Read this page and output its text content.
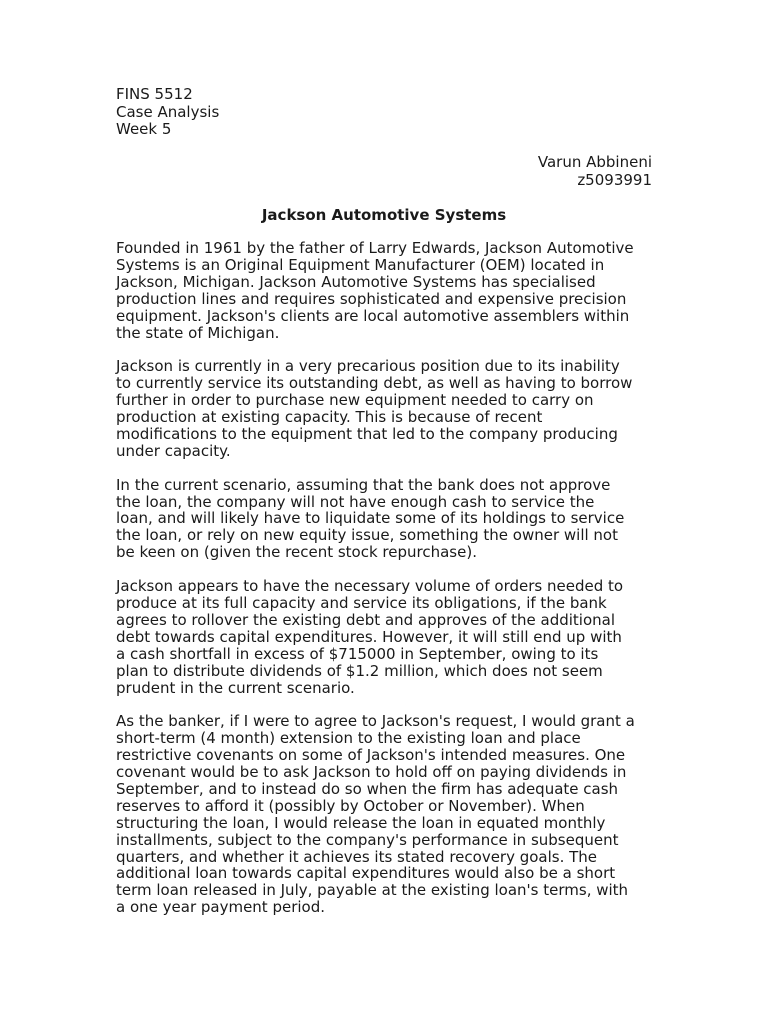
FINS 5512
Case Analysis
Week 5
Varun Abbineni
z5093991
Jackson Automotive Systems

Founded in 1961 by the father of Larry Edwards, Jackson Automotive
Systems is an Original Equipment Manufacturer (OEM) located in
Jackson, Michigan. Jackson Automotive Systems has specialised
production lines and requires sophisticated and expensive precision
equipment. Jackson's clients are local automotive assemblers within
the state of Michigan.

Jackson is currently in a very precarious position due to its inability
to currently service its outstanding debt, as well as having to borrow
further in order to purchase new equipment needed to carry on
production at existing capacity. This is because of recent
modifications to the equipment that led to the company producing
under capacity.

In the current scenario, assuming that the bank does not approve
the loan, the company will not have enough cash to service the
loan, and will likely have to liquidate some of its holdings to service
the loan, or rely on new equity issue, something the owner will not
be keen on (given the recent stock repurchase).

Jackson appears to have the necessary volume of orders needed to
produce at its full capacity and service its obligations, if the bank
agrees to rollover the existing debt and approves of the additional
debt towards capital expenditures. However, it will still end up with
a cash shortfall in excess of $715000 in September, owing to its
plan to distribute dividends of $1.2 million, which does not seem
prudent in the current scenario.

As the banker, if I were to agree to Jackson's request, I would grant a
short-term (4 month) extension to the existing loan and place
restrictive covenants on some of Jackson's intended measures. One
covenant would be to ask Jackson to hold off on paying dividends in
September, and to instead do so when the firm has adequate cash
reserves to afford it (possibly by October or November). When
structuring the loan, I would release the loan in equated monthly
installments, subject to the company's performance in subsequent
quarters, and whether it achieves its stated recovery goals. The
additional loan towards capital expenditures would also be a short
term loan released in July, payable at the existing loan's terms, with
a one year payment period.
